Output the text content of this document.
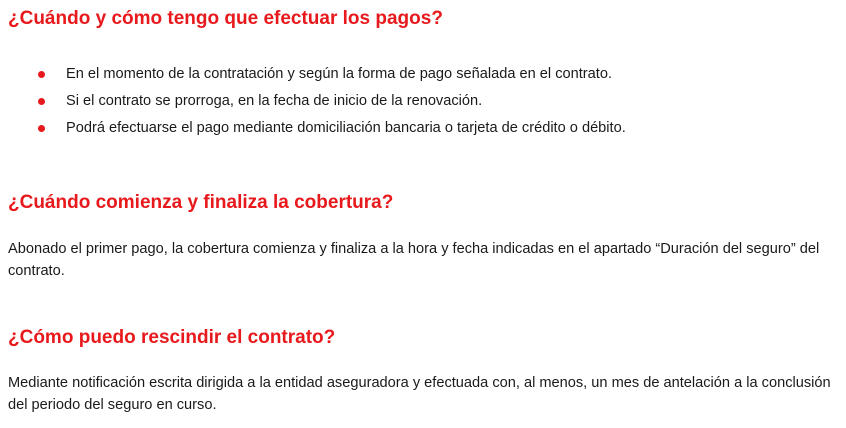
¿Cuándo y cómo tengo que efectuar los pagos?
En el momento de la contratación y según la forma de pago señalada en el contrato.
Si el contrato se prorroga, en la fecha de inicio de la renovación.
Podrá efectuarse el pago mediante domiciliación bancaria o tarjeta de crédito o débito.
¿Cuándo comienza y finaliza la cobertura?

Abonado el primer pago, la cobertura comienza y finaliza a la hora y fecha indicadas en el apartado “Duración del seguro” del contrato.

¿Cómo puedo rescindir el contrato?

Mediante notificación escrita dirigida a la entidad aseguradora y efectuada con, al menos, un mes de antelación a la conclusión del periodo del seguro en curso.
